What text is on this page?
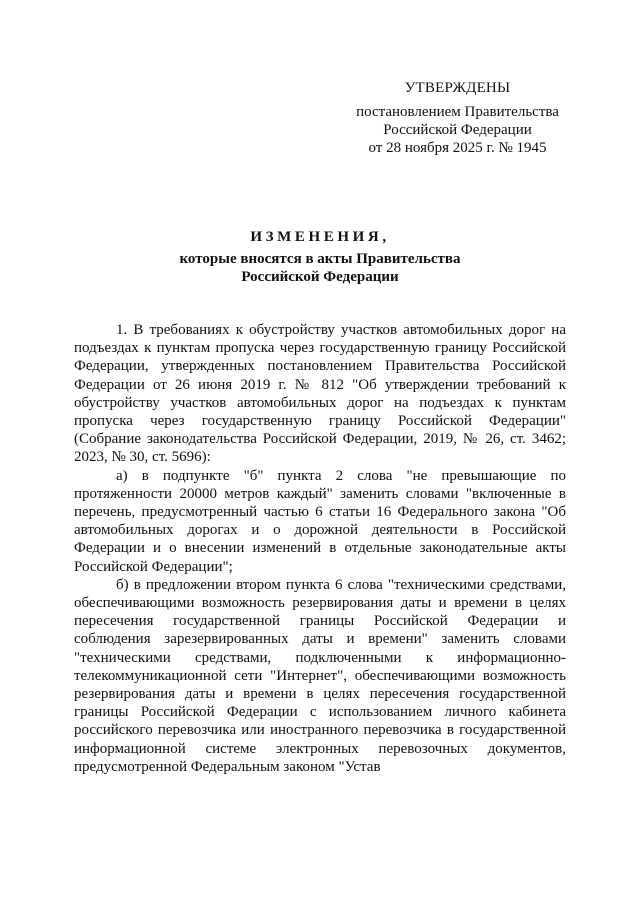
УТВЕРЖДЕНЫ
постановлением Правительства
Российской Федерации
от 28 ноября 2025 г. № 1945
ИЗМЕНЕНИЯ,
которые вносятся в акты Правительства
Российской Федерации

1. В требованиях к обустройству участков автомобильных дорог на подъездах к пунктам пропуска через государственную границу Российской Федерации, утвержденных постановлением Правительства Российской Федерации от 26 июня 2019 г. № 812 "Об утверждении требований к обустройству участков автомобильных дорог на подъездах к пунктам пропуска через государственную границу Российской Федерации" (Собрание законодательства Российской Федерации, 2019, № 26, ст. 3462; 2023, № 30, ст. 5696):

а) в подпункте "б" пункта 2 слова "не превышающие по протяженности 20000 метров каждый" заменить словами "включенные в перечень, предусмотренный частью 6 статьи 16 Федерального закона "Об автомобильных дорогах и о дорожной деятельности в Российской Федерации и о внесении изменений в отдельные законодательные акты Российской Федерации";

б) в предложении втором пункта 6 слова "техническими средствами, обеспечивающими возможность резервирования даты и времени в целях пересечения государственной границы Российской Федерации и соблюдения зарезервированных даты и времени" заменить словами "техническими средствами, подключенными к информационно-телекоммуникационной сети "Интернет", обеспечивающими возможность резервирования даты и времени в целях пересечения государственной границы Российской Федерации с использованием личного кабинета российского перевозчика или иностранного перевозчика в государственной информационной системе электронных перевозочных документов, предусмотренной Федеральным законом "Устав
